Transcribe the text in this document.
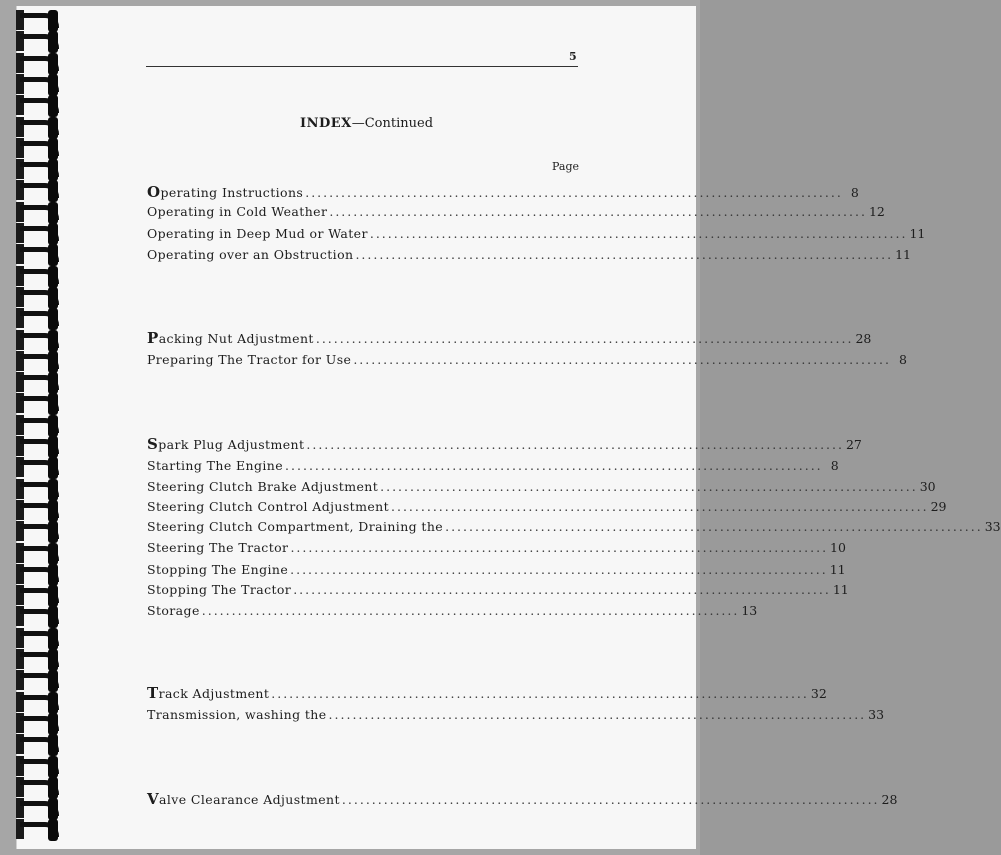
5
INDEX—Continued
Page
Operating Instructions .......................................................................................... 8
Operating in Cold Weather .......................................................................................... 12
Operating in Deep Mud or Water .......................................................................................... 11
Operating over an Obstruction .......................................................................................... 11
Packing Nut Adjustment .......................................................................................... 28
Preparing The Tractor for Use .......................................................................................... 8
Spark Plug Adjustment .......................................................................................... 27
Starting The Engine .......................................................................................... 8
Steering Clutch Brake Adjustment .......................................................................................... 30
Steering Clutch Control Adjustment .......................................................................................... 29
Steering Clutch Compartment, Draining the .......................................................................................... 33
Steering The Tractor .......................................................................................... 10
Stopping The Engine .......................................................................................... 11
Stopping The Tractor .......................................................................................... 11
Storage .......................................................................................... 13
Track Adjustment .......................................................................................... 32
Transmission, washing the .......................................................................................... 33
Valve Clearance Adjustment .......................................................................................... 28
